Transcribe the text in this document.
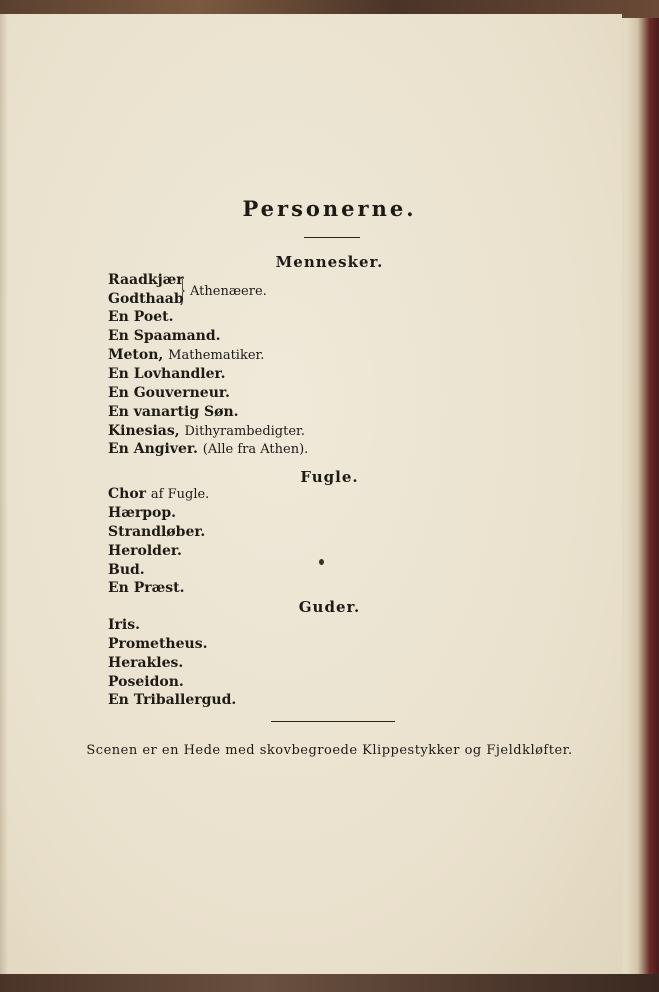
Personerne.
Mennesker.
Raadkjær
Godthaab
} Athenæere.
En Poet.
En Spaamand.
Meton, Mathematiker.
En Lovhandler.
En Gouverneur.
En vanartig Søn.
Kinesias, Dithyrambedigter.
En Angiver. (Alle fra Athen).
Fugle.
Chor af Fugle.
Hærpop.
Strandløber.
Herolder.
Bud.
En Præst.
Guder.
Iris.
Prometheus.
Herakles.
Poseidon.
En Triballergud.
Scenen er en Hede med skovbegroede Klippestykker og Fjeldkløfter.
